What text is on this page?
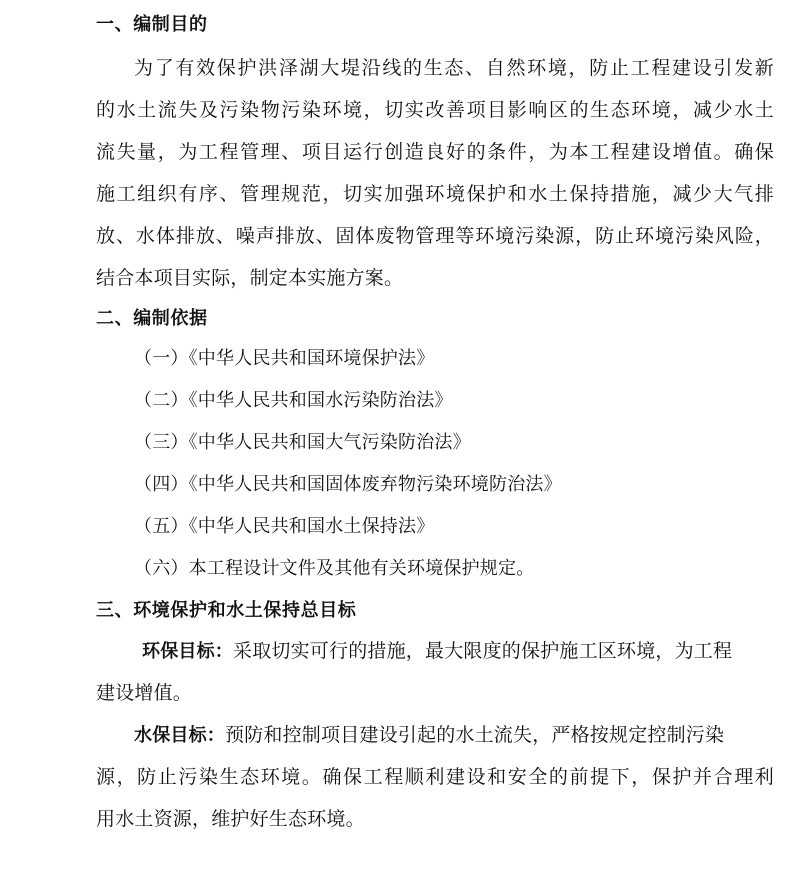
一、编制目的
为了有效保护洪泽湖大堤沿线的生态、自然环境，防止工程建设引发新
的水土流失及污染物污染环境，切实改善项目影响区的生态环境，减少水土
流失量，为工程管理、项目运行创造良好的条件，为本工程建设增值。确保
施工组织有序、管理规范，切实加强环境保护和水土保持措施，减少大气排
放、水体排放、噪声排放、固体废物管理等环境污染源，防止环境污染风险，
结合本项目实际，制定本实施方案。
二、编制依据
（一）《中华人民共和国环境保护法》
（二）《中华人民共和国水污染防治法》
（三）《中华人民共和国大气污染防治法》
（四）《中华人民共和国固体废弃物污染环境防治法》
（五）《中华人民共和国水土保持法》
（六）本工程设计文件及其他有关环境保护规定。
三、环境保护和水土保持总目标
环保目标：采取切实可行的措施，最大限度的保护施工区环境，为工程
建设增值。
水保目标：预防和控制项目建设引起的水土流失，严格按规定控制污染
源，防止污染生态环境。确保工程顺利建设和安全的前提下，保护并合理利
用水土资源，维护好生态环境。
